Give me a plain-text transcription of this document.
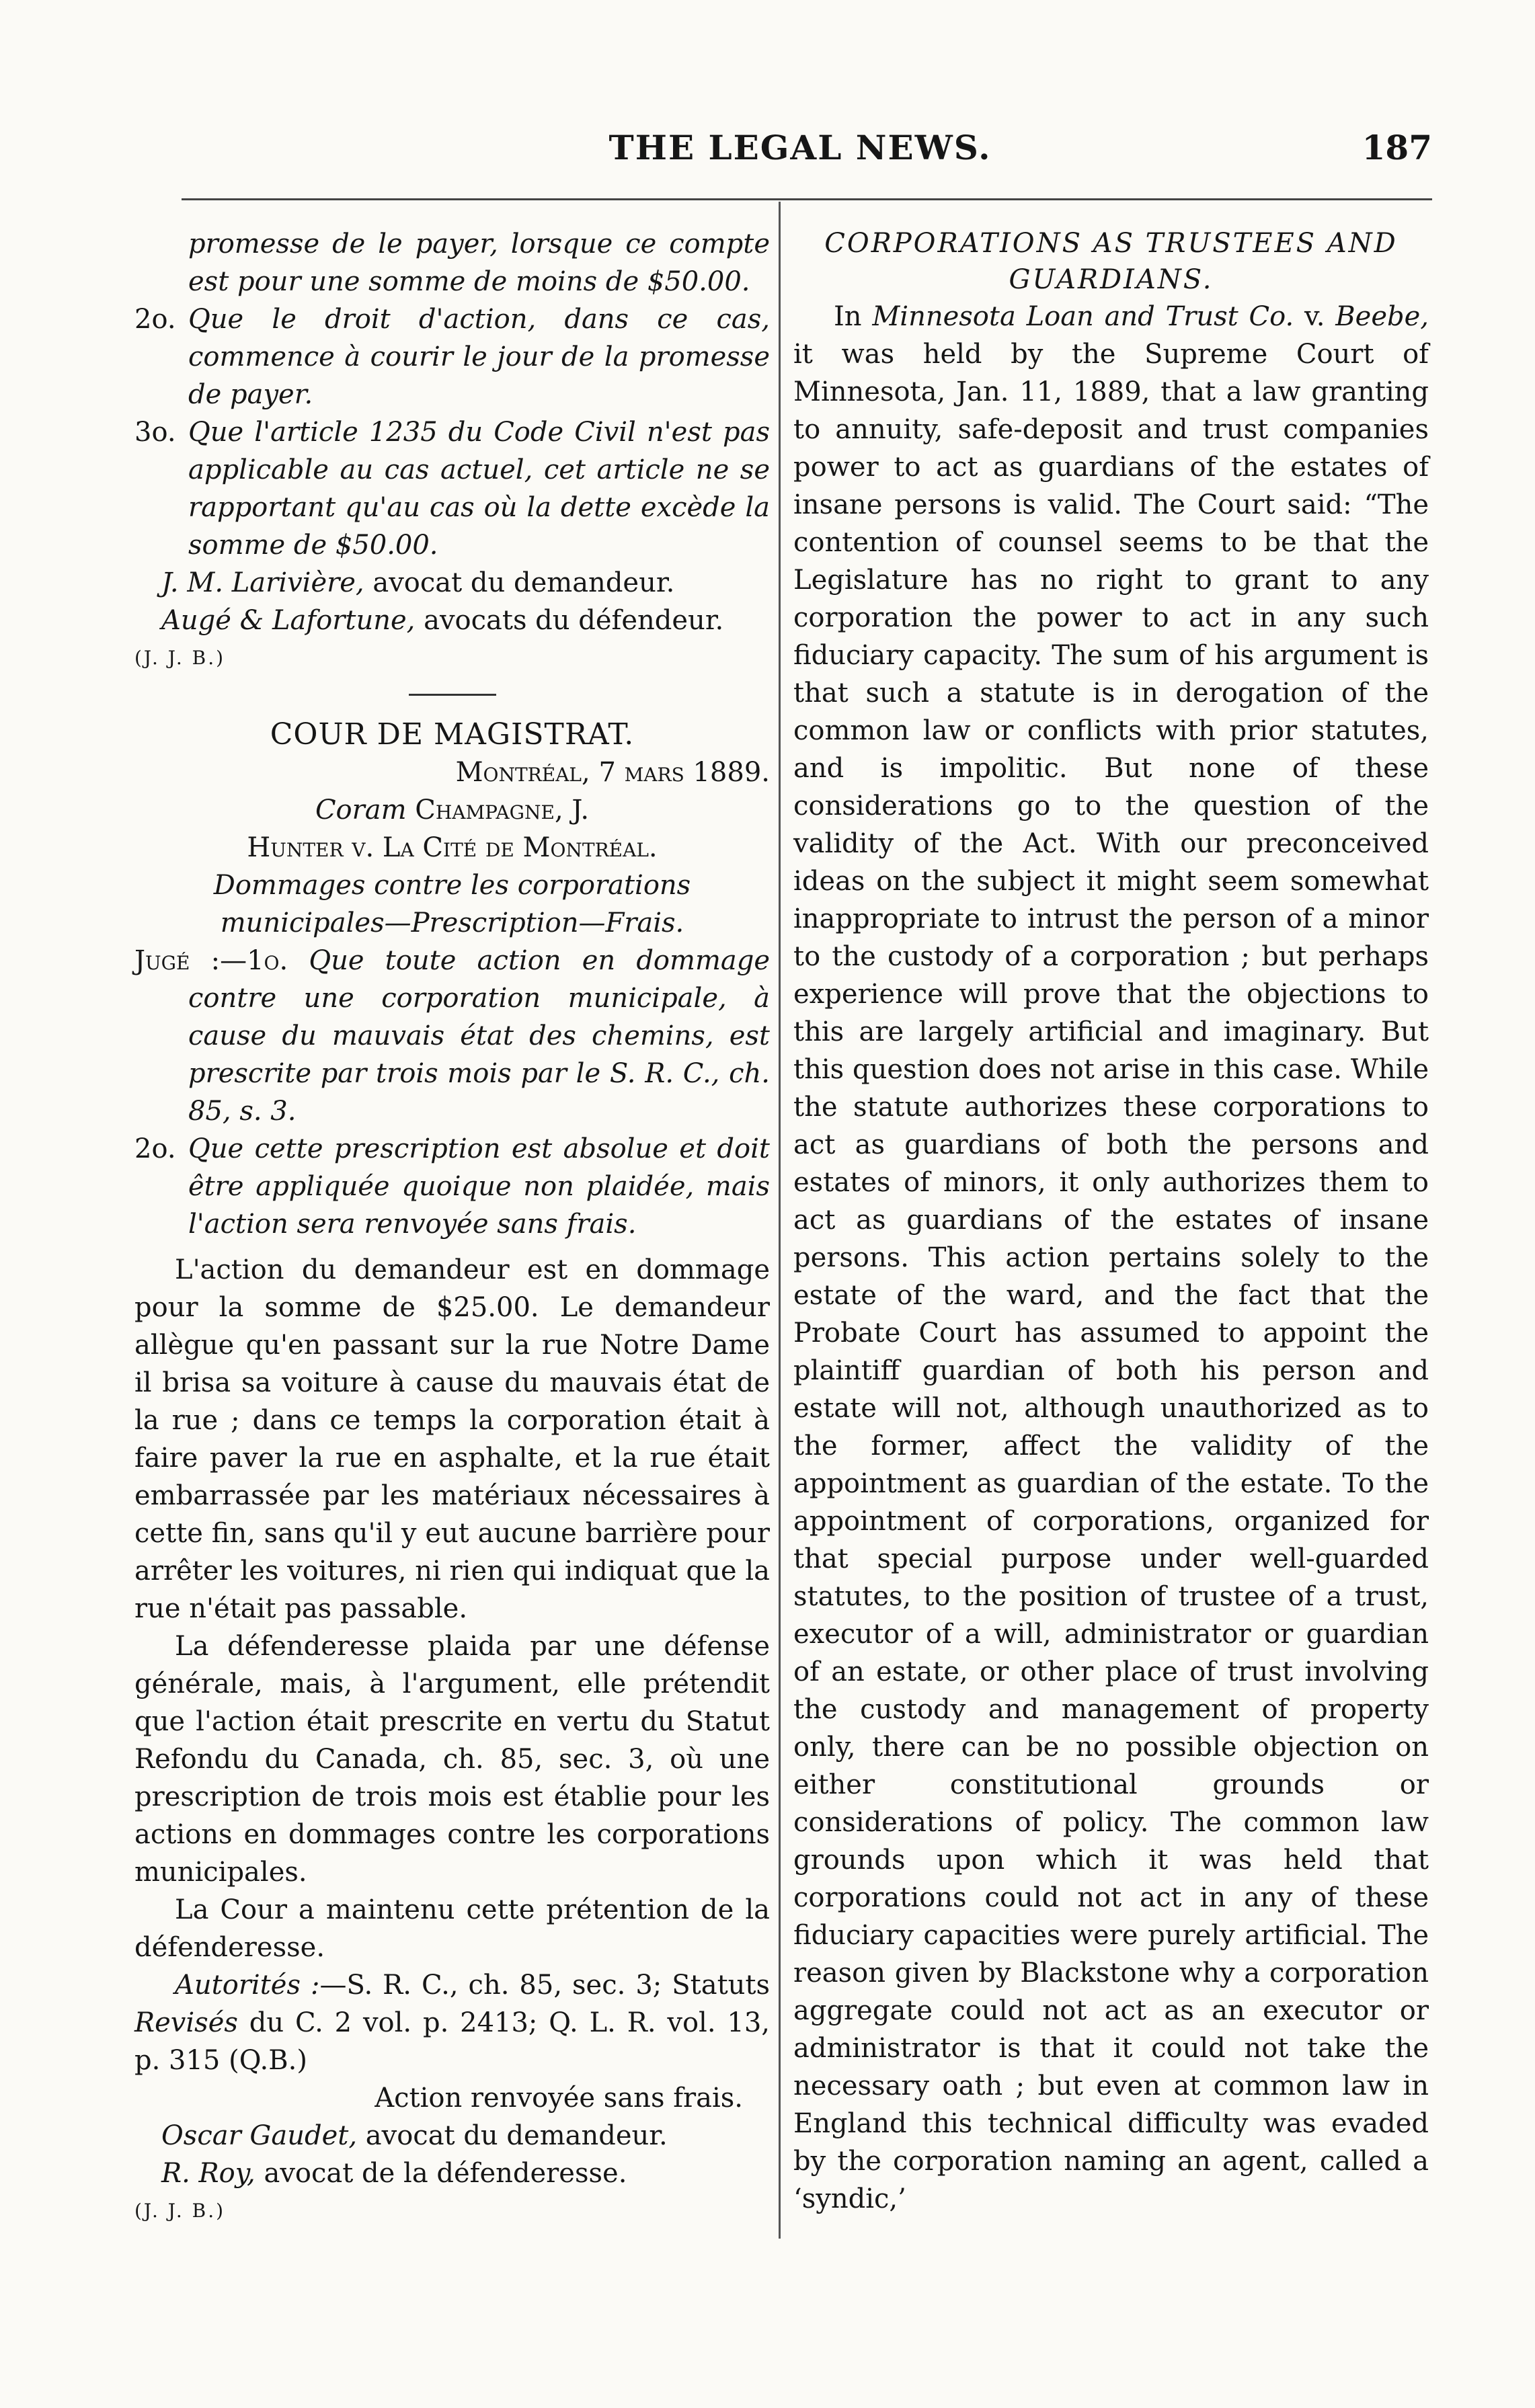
THE LEGAL NEWS.	187

promesse de le payer, lorsque ce compte est pour une somme de moins de $50.00.

2o. Que le droit d'action, dans ce cas, commence à courir le jour de la promesse de payer.
3o. Que l'article 1235 du Code Civil n'est pas applicable au cas actuel, cet article ne se rapportant qu'au cas où la dette excède la somme de $50.00.

J. M. Larivière, avocat du demandeur.

Augé & Lafortune, avocats du défendeur.

(J. J. B.)

COUR DE MAGISTRAT.

Montréal, 7 mars 1889.

Coram Champagne, J.

Hunter v. La Cité de Montréal.

Dommages contre les corporations municipales—Prescription—Frais.

Jugé :—1o. Que toute action en dommage contre une corporation municipale, à cause du mauvais état des chemins, est prescrite par trois mois par le S. R. C., ch. 85, s. 3.

2o. Que cette prescription est absolue et doit être appliquée quoique non plaidée, mais l'action sera renvoyée sans frais.

L'action du demandeur est en dommage pour la somme de $25.00. Le demandeur allègue qu'en passant sur la rue Notre Dame il brisa sa voiture à cause du mauvais état de la rue ; dans ce temps la corporation était à faire paver la rue en asphalte, et la rue était embarrassée par les matériaux nécessaires à cette fin, sans qu'il y eut aucune barrière pour arrêter les voitures, ni rien qui indiquat que la rue n'était pas passable.

La défenderesse plaida par une défense générale, mais, à l'argument, elle prétendit que l'action était prescrite en vertu du Statut Refondu du Canada, ch. 85, sec. 3, où une prescription de trois mois est établie pour les actions en dommages contre les corporations municipales.

La Cour a maintenu cette prétention de la défenderesse.

Autorités :—S. R. C., ch. 85, sec. 3; Statuts Revisés du C. 2 vol. p. 2413; Q. L. R. vol. 13, p. 315 (Q.B.)

Action renvoyée sans frais.

Oscar Gaudet, avocat du demandeur.

R. Roy, avocat de la défenderesse.

(J. J. B.)

CORPORATIONS AS TRUSTEES AND GUARDIANS.

In Minnesota Loan and Trust Co. v. Beebe, it was held by the Supreme Court of Minnesota, Jan. 11, 1889, that a law granting to annuity, safe-deposit and trust companies power to act as guardians of the estates of insane persons is valid. The Court said: “The contention of counsel seems to be that the Legislature has no right to grant to any corporation the power to act in any such fiduciary capacity. The sum of his argument is that such a statute is in derogation of the common law or conflicts with prior statutes, and is impolitic. But none of these considerations go to the question of the validity of the Act. With our preconceived ideas on the subject it might seem somewhat inappropriate to intrust the person of a minor to the custody of a corporation ; but perhaps experience will prove that the objections to this are largely artificial and imaginary. But this question does not arise in this case. While the statute authorizes these corporations to act as guardians of both the persons and estates of minors, it only authorizes them to act as guardians of the estates of insane persons. This action pertains solely to the estate of the ward, and the fact that the Probate Court has assumed to appoint the plaintiff guardian of both his person and estate will not, although unauthorized as to the former, affect the validity of the appointment as guardian of the estate. To the appointment of corporations, organized for that special purpose under well-guarded statutes, to the position of trustee of a trust, executor of a will, administrator or guardian of an estate, or other place of trust involving the custody and management of property only, there can be no possible objection on either constitutional grounds or considerations of policy. The common law grounds upon which it was held that corporations could not act in any of these fiduciary capacities were purely artificial. The reason given by Blackstone why a corporation aggregate could not act as an executor or administrator is that it could not take the necessary oath ; but even at common law in England this technical difficulty was evaded by the corporation naming an agent, called a ‘syndic,’
